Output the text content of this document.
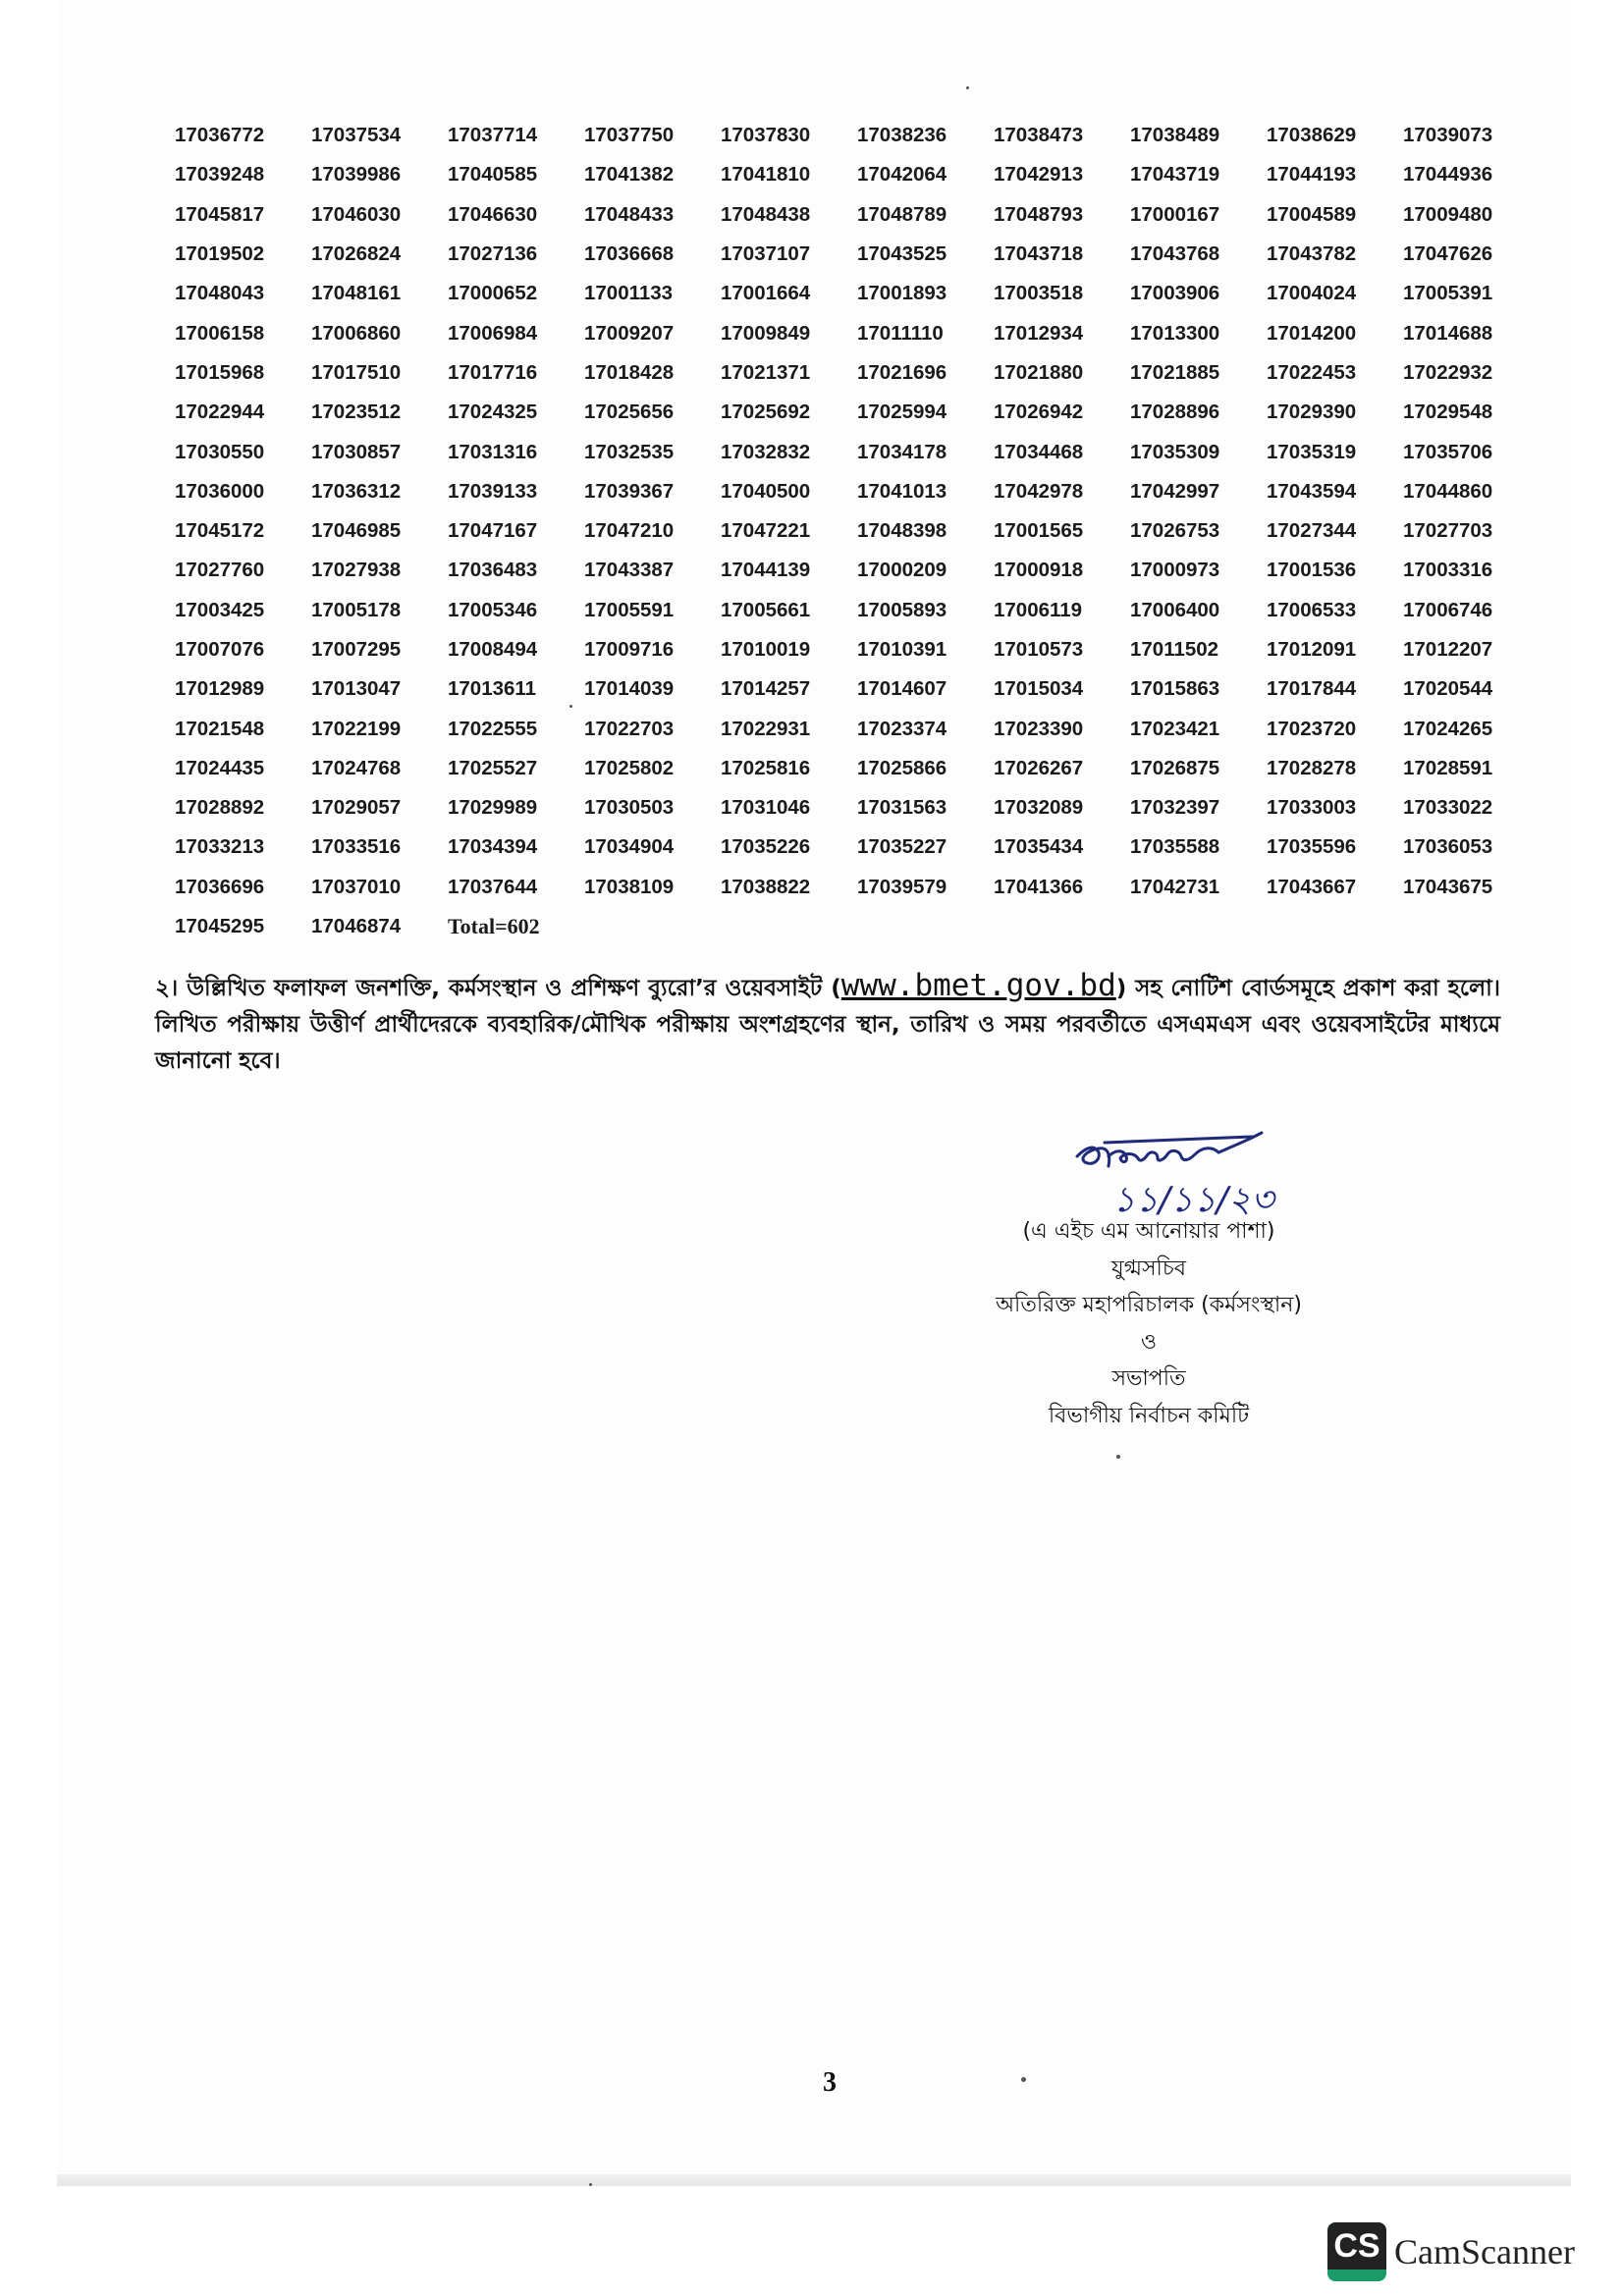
17036772	17037534	17037714	17037750	17037830	17038236	17038473	17038489	17038629	17039073
17039248	17039986	17040585	17041382	17041810	17042064	17042913	17043719	17044193	17044936
17045817	17046030	17046630	17048433	17048438	17048789	17048793	17000167	17004589	17009480
17019502	17026824	17027136	17036668	17037107	17043525	17043718	17043768	17043782	17047626
17048043	17048161	17000652	17001133	17001664	17001893	17003518	17003906	17004024	17005391
17006158	17006860	17006984	17009207	17009849	17011110	17012934	17013300	17014200	17014688
17015968	17017510	17017716	17018428	17021371	17021696	17021880	17021885	17022453	17022932
17022944	17023512	17024325	17025656	17025692	17025994	17026942	17028896	17029390	17029548
17030550	17030857	17031316	17032535	17032832	17034178	17034468	17035309	17035319	17035706
17036000	17036312	17039133	17039367	17040500	17041013	17042978	17042997	17043594	17044860
17045172	17046985	17047167	17047210	17047221	17048398	17001565	17026753	17027344	17027703
17027760	17027938	17036483	17043387	17044139	17000209	17000918	17000973	17001536	17003316
17003425	17005178	17005346	17005591	17005661	17005893	17006119	17006400	17006533	17006746
17007076	17007295	17008494	17009716	17010019	17010391	17010573	17011502	17012091	17012207
17012989	17013047	17013611	17014039	17014257	17014607	17015034	17015863	17017844	17020544
17021548	17022199	17022555	17022703	17022931	17023374	17023390	17023421	17023720	17024265
17024435	17024768	17025527	17025802	17025816	17025866	17026267	17026875	17028278	17028591
17028892	17029057	17029989	17030503	17031046	17031563	17032089	17032397	17033003	17033022
17033213	17033516	17034394	17034904	17035226	17035227	17035434	17035588	17035596	17036053
17036696	17037010	17037644	17038109	17038822	17039579	17041366	17042731	17043667	17043675
17045295	17046874	Total=602							
২। উল্লিখিত ফলাফল জনশক্তি, কর্মসংস্থান ও প্রশিক্ষণ ব্যুরো’র ওয়েবসাইট (www.bmet.gov.bd) সহ নোটিশ বোর্ডসমূহে প্রকাশ করা হলো। লিখিত পরীক্ষায় উত্তীর্ণ প্রার্থীদেরকে ব্যবহারিক/মৌখিক পরীক্ষায় অংশগ্রহণের স্থান, তারিখ ও সময় পরবর্তীতে এসএমএস এবং ওয়েবসাইটের মাধ্যমে জানানো হবে।
১১/১১/২৩
(এ এইচ এম আনোয়ার পাশা)
যুগ্মসচিব
অতিরিক্ত মহাপরিচালক (কর্মসংস্থান)
ও
সভাপতি
বিভাগীয় নির্বাচন কমিটি
3
CS CamScanner
